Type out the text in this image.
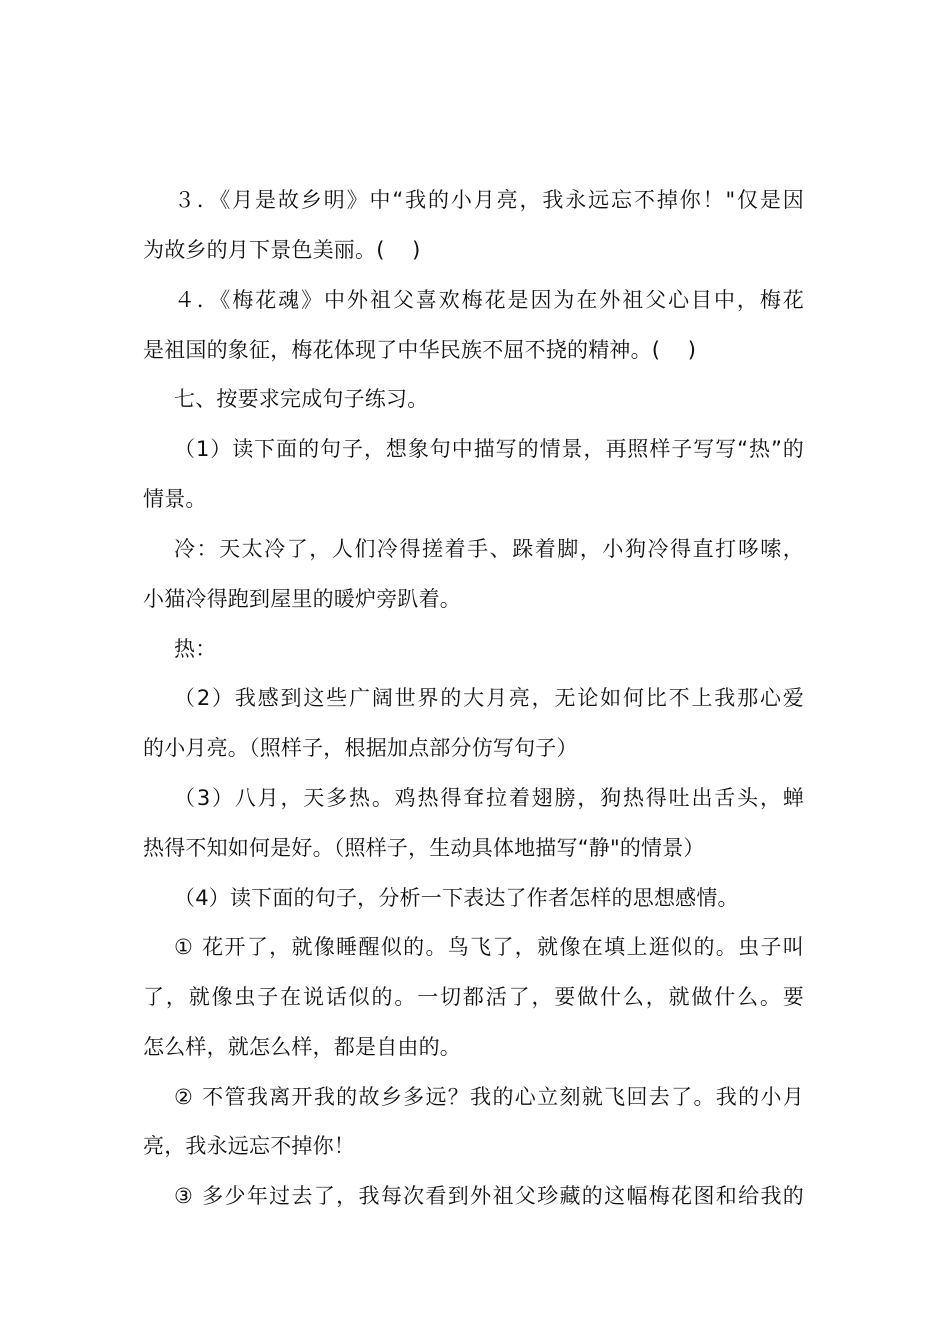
３．《月是故乡明》中“我的小月亮，我永远忘不掉你！"仅是因
为故乡的月下景色美丽。(    )
４．《梅花魂》中外祖父喜欢梅花是因为在外祖父心目中，梅花
是祖国的象征，梅花体现了中华民族不屈不挠的精神。(    )
七、按要求完成句子练习。
（1）读下面的句子，想象句中描写的情景，再照样子写写“热”的
情景。
冷：天太冷了，人们冷得搓着手、跺着脚，小狗冷得直打哆嗦，
小猫冷得跑到屋里的暖炉旁趴着。
热：
（2）我感到这些广阔世界的大月亮，无论如何比不上我那心爱
的小月亮。（照样子，根据加点部分仿写句子）
（3）八月，天多热。鸡热得耷拉着翅膀，狗热得吐出舌头，蝉
热得不知如何是好。（照样子，生动具体地描写“静"的情景）
（4）读下面的句子，分析一下表达了作者怎样的思想感情。
① 花开了，就像睡醒似的。鸟飞了，就像在填上逛似的。虫子叫
了，就像虫子在说话似的。一切都活了，要做什么，就做什么。要
怎么样，就怎么样，都是自由的。
② 不管我离开我的故乡多远？我的心立刻就飞回去了。我的小月
亮，我永远忘不掉你！
③ 多少年过去了，我每次看到外祖父珍藏的这幅梅花图和给我的
